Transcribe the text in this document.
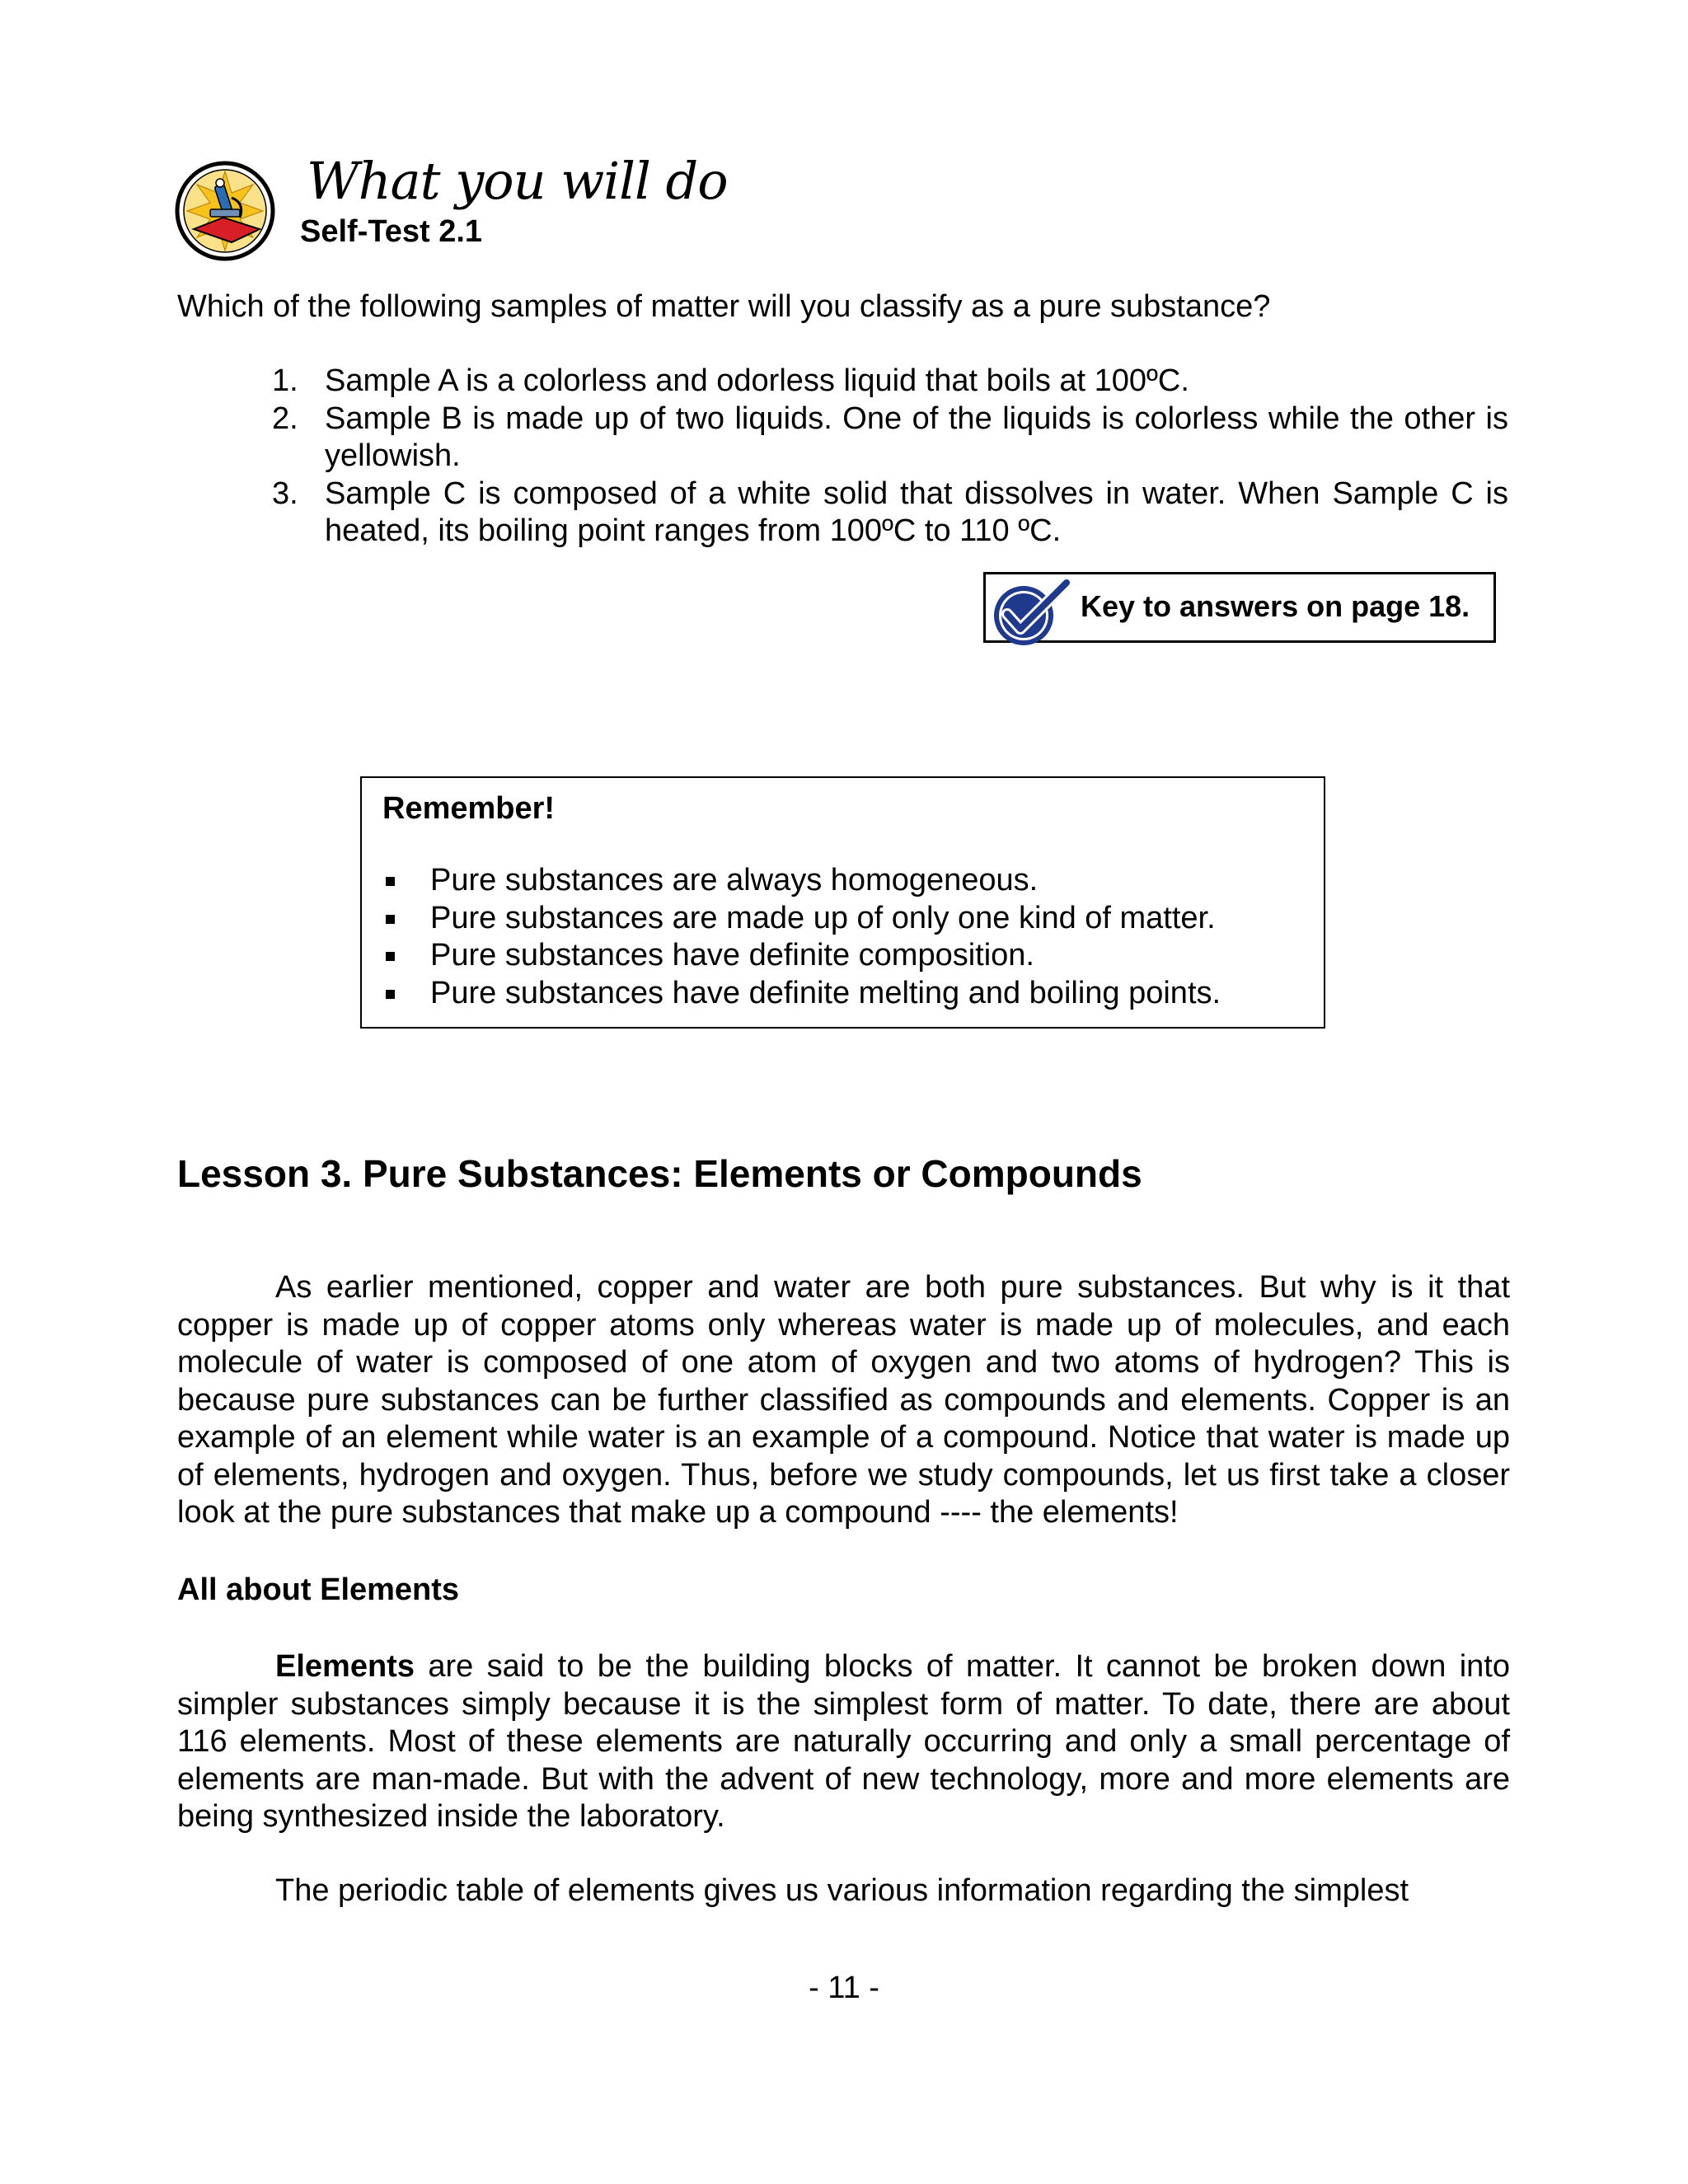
What you will do
Self-Test 2.1
Which of the following samples of matter will you classify as a pure substance?
1. Sample A is a colorless and odorless liquid that boils at 100ºC.
2. Sample B is made up of two liquids. One of the liquids is colorless while the other is yellowish.
3. Sample C is composed of a white solid that dissolves in water. When Sample C is heated, its boiling point ranges from 100ºC to 110 ºC.
Key to answers on page 18.
Remember!
Pure substances are always homogeneous.
Pure substances are made up of only one kind of matter.
Pure substances have definite composition.
Pure substances have definite melting and boiling points.
Lesson 3. Pure Substances: Elements or Compounds

As earlier mentioned, copper and water are both pure substances. But why is it that copper is made up of copper atoms only whereas water is made up of molecules, and each molecule of water is composed of one atom of oxygen and two atoms of hydrogen? This is because pure substances can be further classified as compounds and elements. Copper is an example of an element while water is an example of a compound. Notice that water is made up of elements, hydrogen and oxygen. Thus, before we study compounds, let us first take a closer look at the pure substances that make up a compound ---- the elements!

All about Elements

Elements are said to be the building blocks of matter. It cannot be broken down into simpler substances simply because it is the simplest form of matter. To date, there are about 116 elements. Most of these elements are naturally occurring and only a small percentage of elements are man-made. But with the advent of new technology, more and more elements are being synthesized inside the laboratory.

The periodic table of elements gives us various information regarding the simplest

- 11 -
